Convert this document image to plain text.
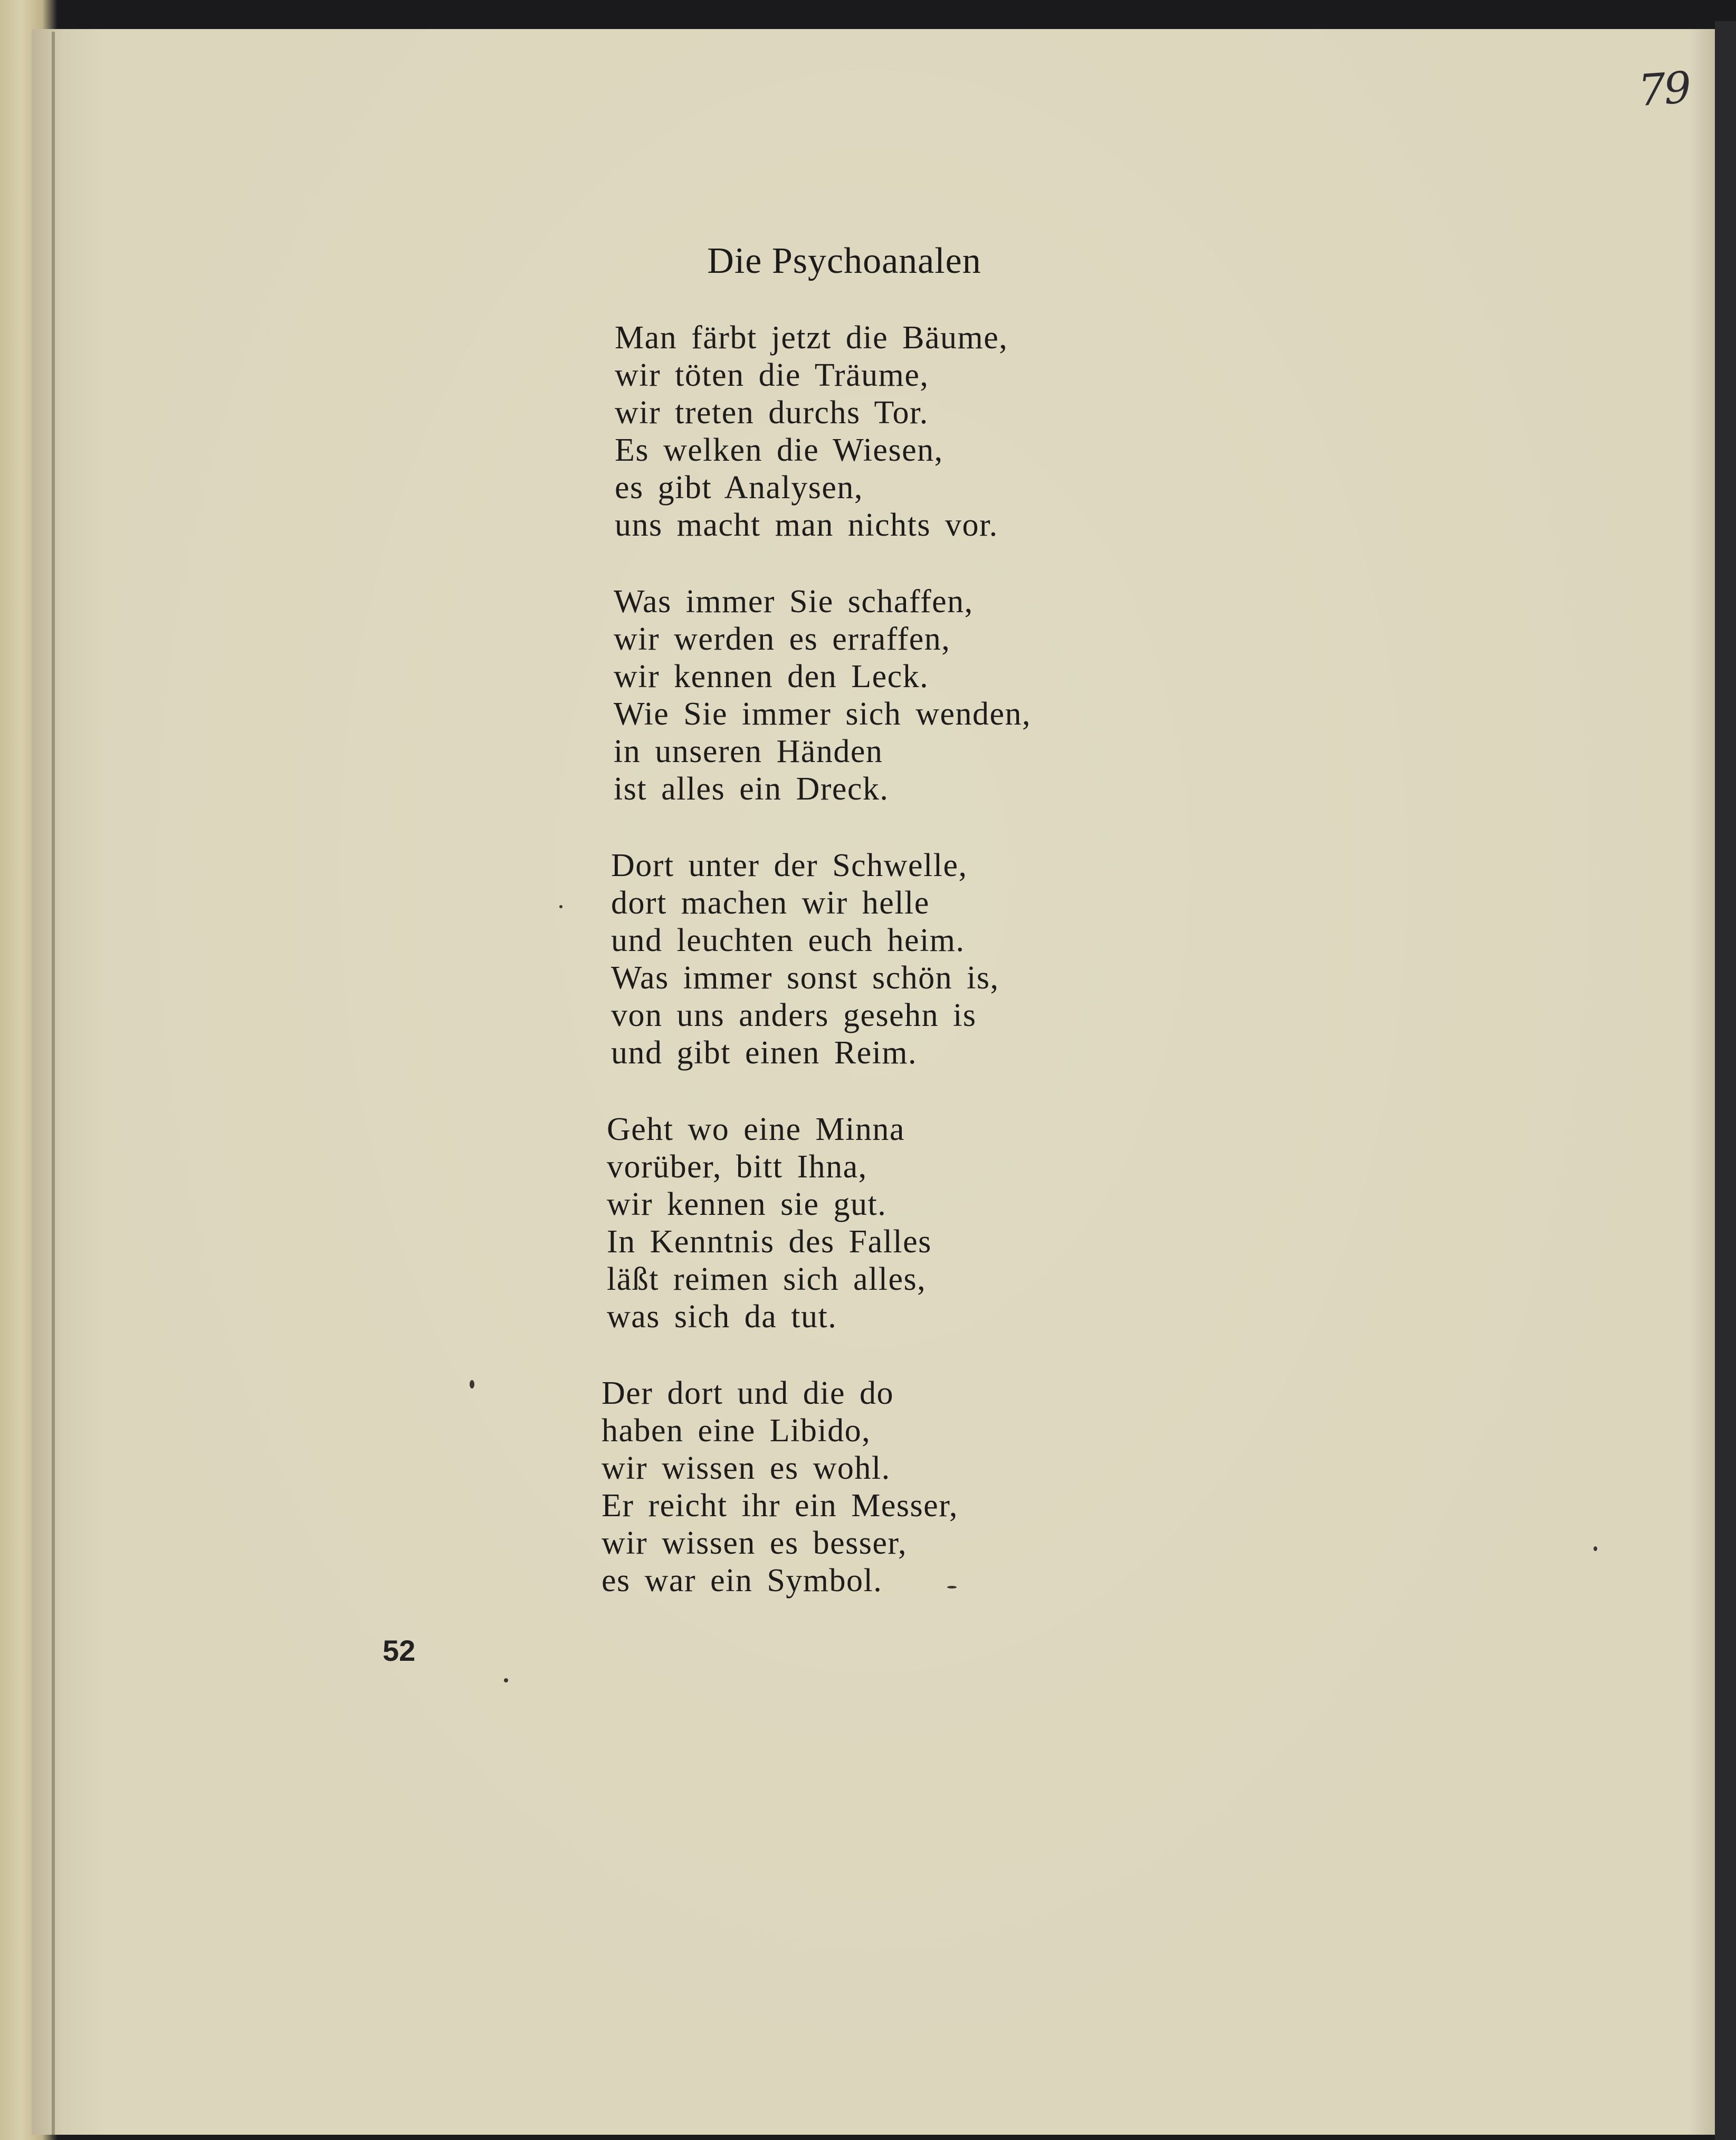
79
Die Psychoanalen
Man färbt jetzt die Bäume,
wir töten die Träume,
wir treten durchs Tor.
Es welken die Wiesen,
es gibt Analysen,
uns macht man nichts vor.
Was immer Sie schaffen,
wir werden es erraffen,
wir kennen den Leck.
Wie Sie immer sich wenden,
in unseren Händen
ist alles ein Dreck.
Dort unter der Schwelle,
dort machen wir helle
und leuchten euch heim.
Was immer sonst schön is,
von uns anders gesehn is
und gibt einen Reim.
Geht wo eine Minna
vorüber, bitt Ihna,
wir kennen sie gut.
In Kenntnis des Falles
läßt reimen sich alles,
was sich da tut.
Der dort und die do
haben eine Libido,
wir wissen es wohl.
Er reicht ihr ein Messer,
wir wissen es besser,
es war ein Symbol.
52
